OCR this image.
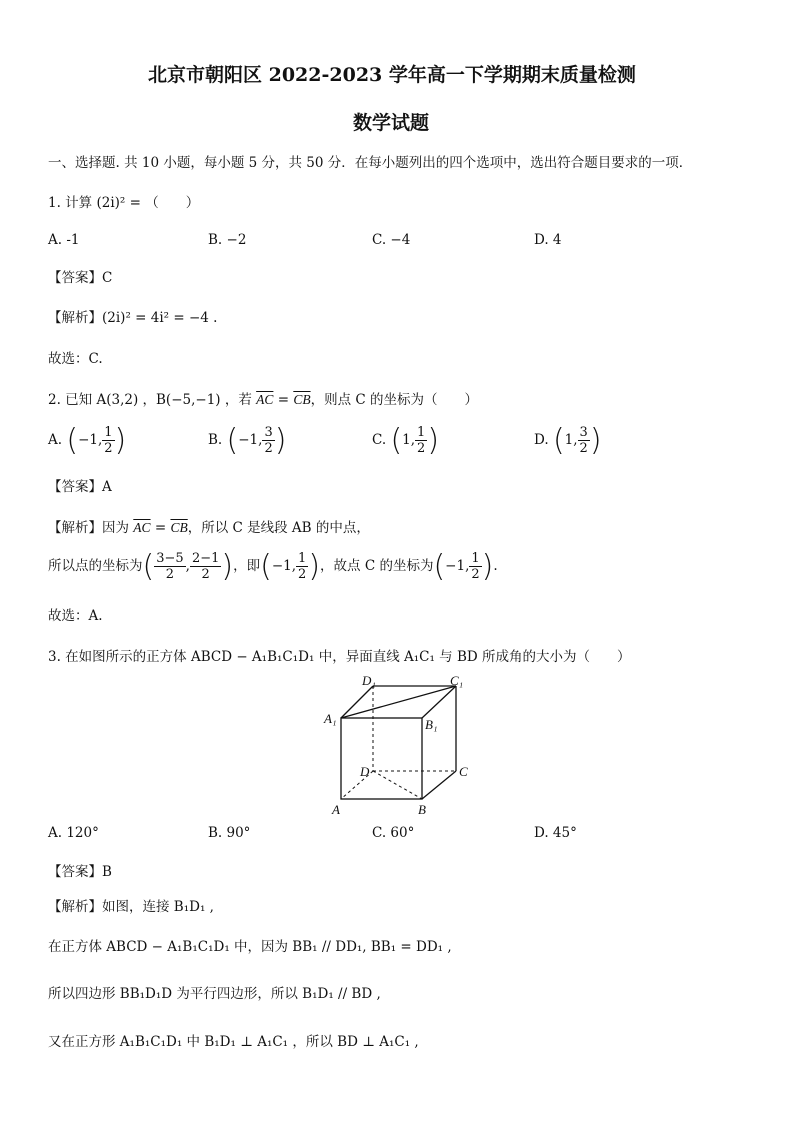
北京市朝阳区 2022-2023 学年高一下学期期末质量检测
数学试题
一、选择题. 共 10 小题，每小题 5 分，共 50 分．在每小题列出的四个选项中，选出符合题目要求的一项．
1. 计算 (2i)² = （　　）
A. -1	B. −2	C. −4	D. 4
【答案】C
【解析】(2i)² = 4i² = −4 .
故选：C.
2. 已知 A(3,2) ，B(−5,−1) ，若 $\overline{AC} = \overline{CB}$，则点 C 的坐标为（　　）
A. (−1, $\frac{1}{2}$ )	B. (−1, $\frac{3}{2}$ )	C. (1, $\frac{1}{2}$ )	D. (1, $\frac{3}{2}$ )
【答案】A
【解析】因为 $\overline{AC} = \overline{CB}$，所以 C 是线段 AB 的中点，
所以点的坐标为( $\frac{3-5}{2}$ , $\frac{2-1}{2}$ )，即(−1, $\frac{1}{2}$ )，故点 C 的坐标为(−1, $\frac{1}{2}$ ).
故选：A.
3. 在如图所示的正方体 ABCD − A₁B₁C₁D₁ 中，异面直线 A₁C₁ 与 BD 所成角的大小为（　　）
D₁	C₁
A₁	B₁
D	C
A	B
A. 120°	B. 90°	C. 60°	D. 45°
【答案】B
【解析】如图，连接 B₁D₁ ,
在正方体 ABCD − A₁B₁C₁D₁ 中，因为 BB₁ // DD₁, BB₁ = DD₁ ,
所以四边形 BB₁D₁D 为平行四边形，所以 B₁D₁ // BD ,
又在正方形 A₁B₁C₁D₁ 中 B₁D₁ ⊥ A₁C₁ ，所以 BD ⊥ A₁C₁ ,
